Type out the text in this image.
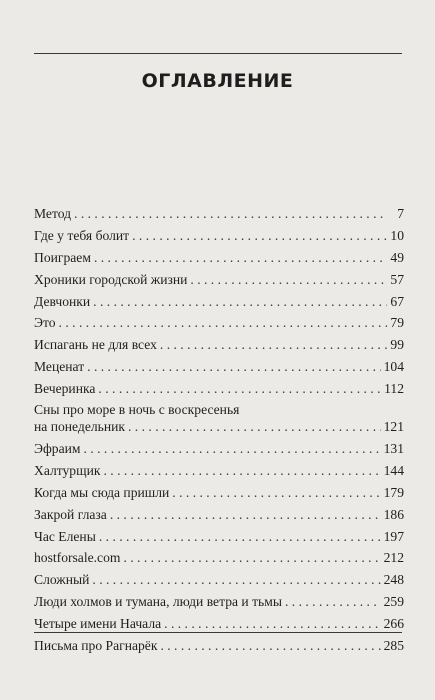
ОГЛАВЛЕНИЕ
Метод . . .	7
Где у тебя болит . . .	10
Поиграем . . .	49
Хроники городской жизни . . .	57
Девчонки . . .	67
Это . . .	79
Испагань не для всех . . .	99
Меценат . . .	104
Вечеринка . . .	112
Сны про море в ночь с воскресенья
на понедельник . . .	121
Эфраим . . .	131
Халтурщик . . .	144
Когда мы сюда пришли . . .	179
Закрой глаза . . .	186
Час Елены . . .	197
hostforsale.com . . .	212
Сложный . . .	248
Люди холмов и тумана, люди ветра и тьмы . . .	259
Четыре имени Начала . . .	266
Письма про Рагнарёк . . .	285
